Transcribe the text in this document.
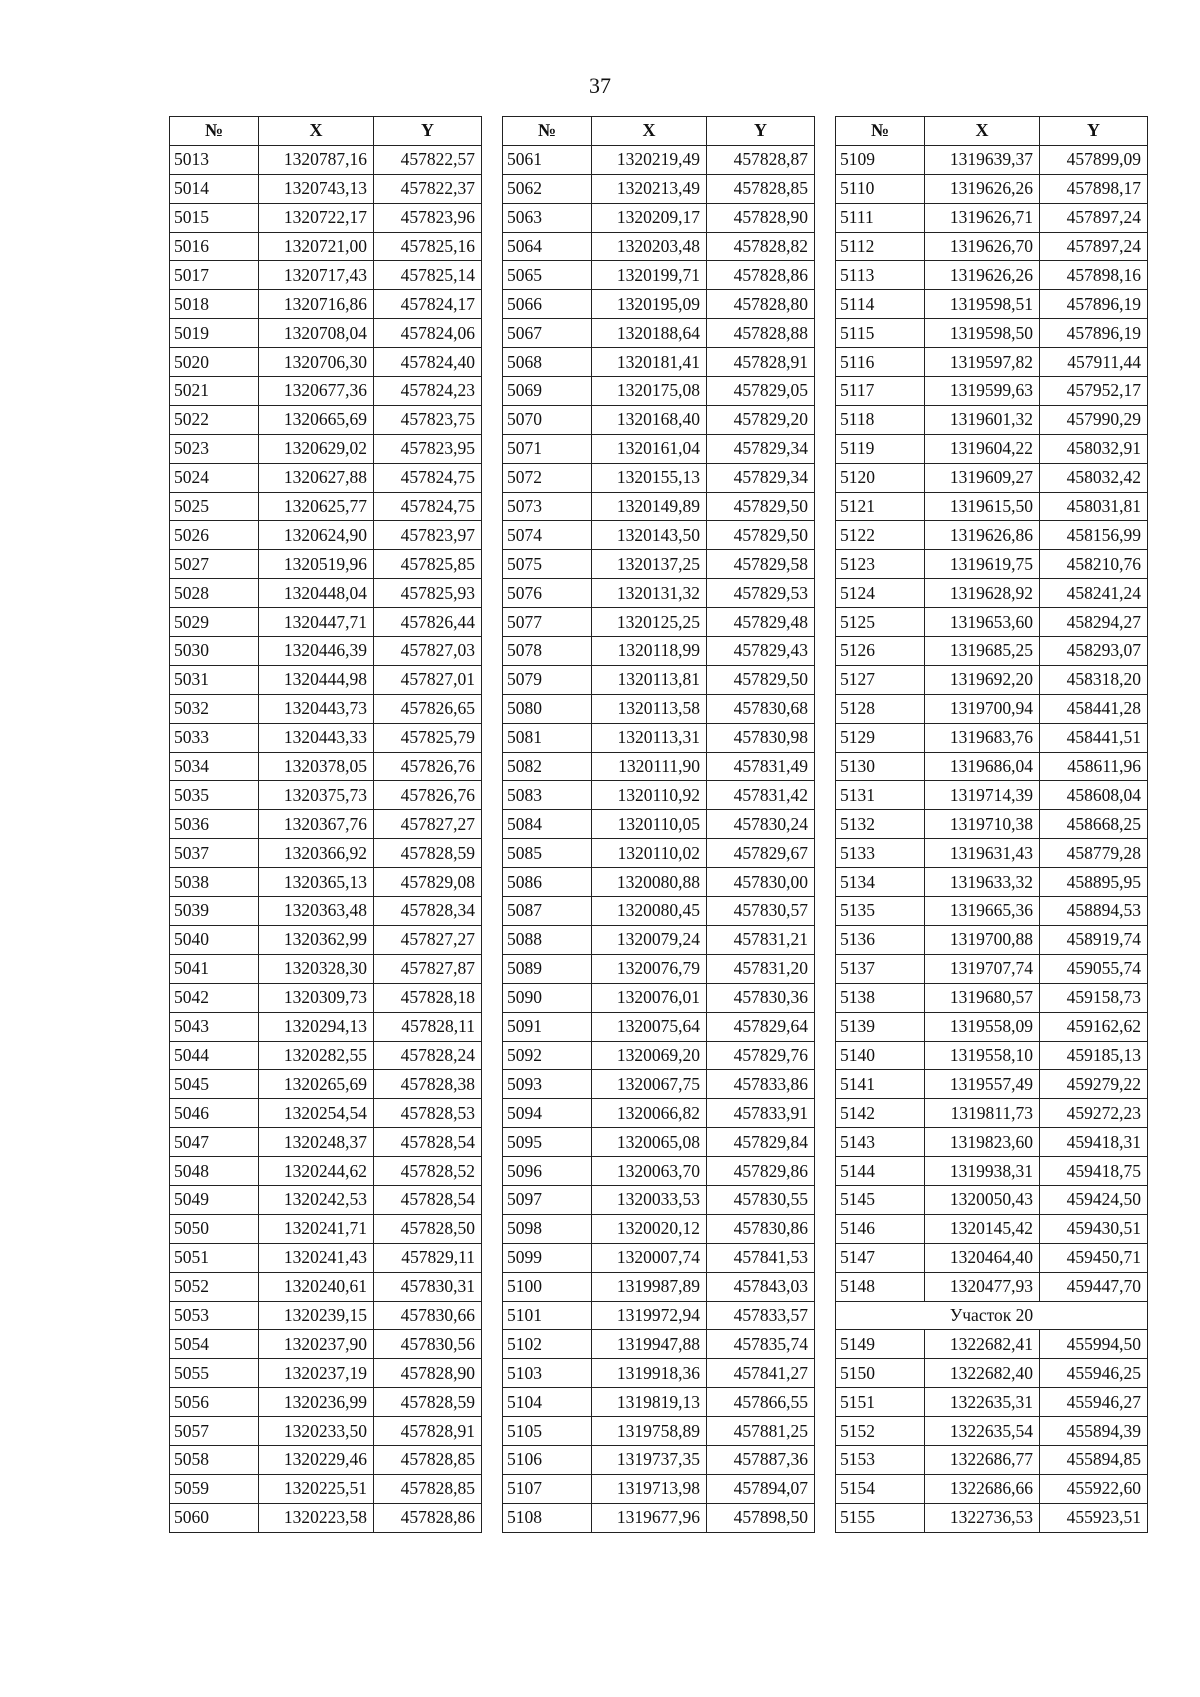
37
№	X	Y
5013	1320787,16	457822,57
5014	1320743,13	457822,37
5015	1320722,17	457823,96
5016	1320721,00	457825,16
5017	1320717,43	457825,14
5018	1320716,86	457824,17
5019	1320708,04	457824,06
5020	1320706,30	457824,40
5021	1320677,36	457824,23
5022	1320665,69	457823,75
5023	1320629,02	457823,95
5024	1320627,88	457824,75
5025	1320625,77	457824,75
5026	1320624,90	457823,97
5027	1320519,96	457825,85
5028	1320448,04	457825,93
5029	1320447,71	457826,44
5030	1320446,39	457827,03
5031	1320444,98	457827,01
5032	1320443,73	457826,65
5033	1320443,33	457825,79
5034	1320378,05	457826,76
5035	1320375,73	457826,76
5036	1320367,76	457827,27
5037	1320366,92	457828,59
5038	1320365,13	457829,08
5039	1320363,48	457828,34
5040	1320362,99	457827,27
5041	1320328,30	457827,87
5042	1320309,73	457828,18
5043	1320294,13	457828,11
5044	1320282,55	457828,24
5045	1320265,69	457828,38
5046	1320254,54	457828,53
5047	1320248,37	457828,54
5048	1320244,62	457828,52
5049	1320242,53	457828,54
5050	1320241,71	457828,50
5051	1320241,43	457829,11
5052	1320240,61	457830,31
5053	1320239,15	457830,66
5054	1320237,90	457830,56
5055	1320237,19	457828,90
5056	1320236,99	457828,59
5057	1320233,50	457828,91
5058	1320229,46	457828,85
5059	1320225,51	457828,85
5060	1320223,58	457828,86
№	X	Y
5061	1320219,49	457828,87
5062	1320213,49	457828,85
5063	1320209,17	457828,90
5064	1320203,48	457828,82
5065	1320199,71	457828,86
5066	1320195,09	457828,80
5067	1320188,64	457828,88
5068	1320181,41	457828,91
5069	1320175,08	457829,05
5070	1320168,40	457829,20
5071	1320161,04	457829,34
5072	1320155,13	457829,34
5073	1320149,89	457829,50
5074	1320143,50	457829,50
5075	1320137,25	457829,58
5076	1320131,32	457829,53
5077	1320125,25	457829,48
5078	1320118,99	457829,43
5079	1320113,81	457829,50
5080	1320113,58	457830,68
5081	1320113,31	457830,98
5082	1320111,90	457831,49
5083	1320110,92	457831,42
5084	1320110,05	457830,24
5085	1320110,02	457829,67
5086	1320080,88	457830,00
5087	1320080,45	457830,57
5088	1320079,24	457831,21
5089	1320076,79	457831,20
5090	1320076,01	457830,36
5091	1320075,64	457829,64
5092	1320069,20	457829,76
5093	1320067,75	457833,86
5094	1320066,82	457833,91
5095	1320065,08	457829,84
5096	1320063,70	457829,86
5097	1320033,53	457830,55
5098	1320020,12	457830,86
5099	1320007,74	457841,53
5100	1319987,89	457843,03
5101	1319972,94	457833,57
5102	1319947,88	457835,74
5103	1319918,36	457841,27
5104	1319819,13	457866,55
5105	1319758,89	457881,25
5106	1319737,35	457887,36
5107	1319713,98	457894,07
5108	1319677,96	457898,50
№	X	Y
5109	1319639,37	457899,09
5110	1319626,26	457898,17
5111	1319626,71	457897,24
5112	1319626,70	457897,24
5113	1319626,26	457898,16
5114	1319598,51	457896,19
5115	1319598,50	457896,19
5116	1319597,82	457911,44
5117	1319599,63	457952,17
5118	1319601,32	457990,29
5119	1319604,22	458032,91
5120	1319609,27	458032,42
5121	1319615,50	458031,81
5122	1319626,86	458156,99
5123	1319619,75	458210,76
5124	1319628,92	458241,24
5125	1319653,60	458294,27
5126	1319685,25	458293,07
5127	1319692,20	458318,20
5128	1319700,94	458441,28
5129	1319683,76	458441,51
5130	1319686,04	458611,96
5131	1319714,39	458608,04
5132	1319710,38	458668,25
5133	1319631,43	458779,28
5134	1319633,32	458895,95
5135	1319665,36	458894,53
5136	1319700,88	458919,74
5137	1319707,74	459055,74
5138	1319680,57	459158,73
5139	1319558,09	459162,62
5140	1319558,10	459185,13
5141	1319557,49	459279,22
5142	1319811,73	459272,23
5143	1319823,60	459418,31
5144	1319938,31	459418,75
5145	1320050,43	459424,50
5146	1320145,42	459430,51
5147	1320464,40	459450,71
5148	1320477,93	459447,70
Участок 20		
5149	1322682,41	455994,50
5150	1322682,40	455946,25
5151	1322635,31	455946,27
5152	1322635,54	455894,39
5153	1322686,77	455894,85
5154	1322686,66	455922,60
5155	1322736,53	455923,51
